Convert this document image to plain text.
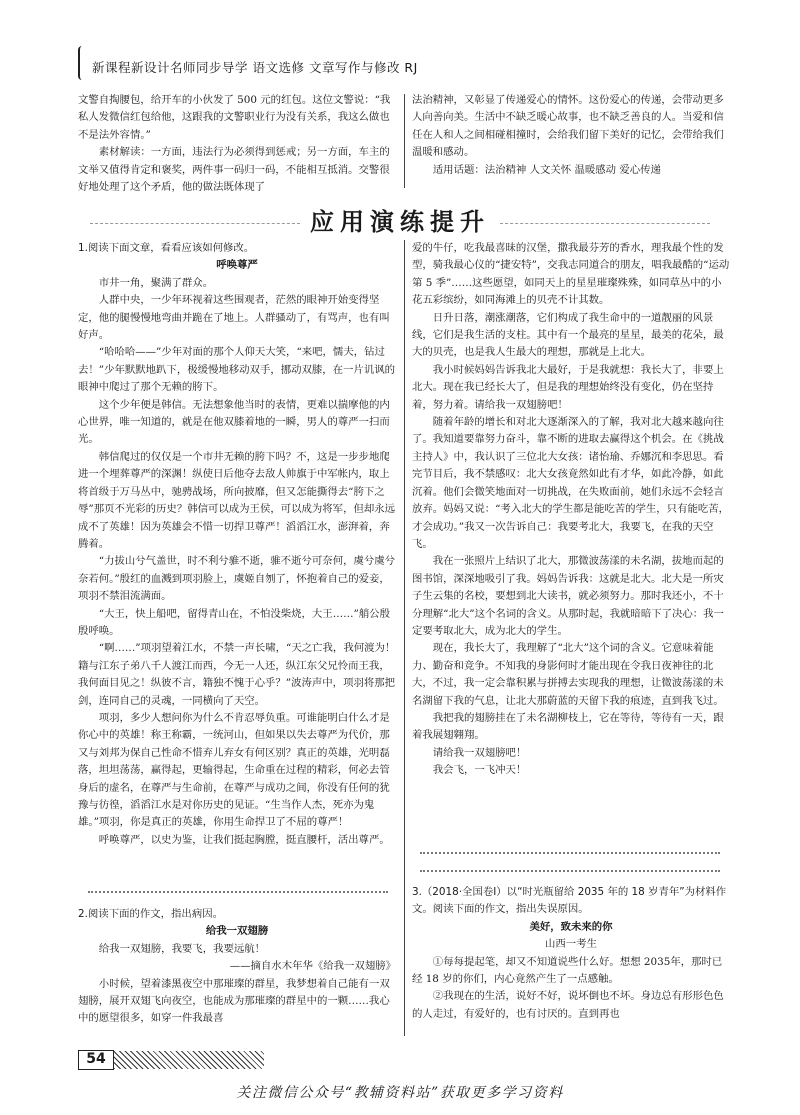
新课程新设计名师同步导学 语文选修 文章写作与修改 RJ

文警自掏腰包，给开车的小伙发了 500 元的红包。这位文警说：“我私人发微信红包给他，这跟我的文警职业行为没有关系，我这么做也不是法外容情。”

素材解读：一方面，违法行为必须得到惩戒；另一方面，车主的文举又值得肯定和褒奖，两件事一码归一码，不能相互抵消。交警很好地处理了这个矛盾，他的做法既体现了

法治精神，又彰显了传递爱心的情怀。这份爱心的传递，会带动更多人向善向美。生活中不缺乏暖心故事，也不缺乏善良的人。当爱和信任在人和人之间相碰相撞时，会给我们留下美好的记忆，会带给我们温暖和感动。

适用话题：法治精神 人文关怀 温暖感动 爱心传递

应用演练提升

1.阅读下面文章，看看应该如何修改。

呼唤尊严

市井一角，聚满了群众。

人群中央，一少年环视着这些围观者，茫然的眼神开始变得坚定，他的腿慢慢地弯曲并跪在了地上。人群骚动了，有骂声，也有叫好声。

“哈哈哈——”少年对面的那个人仰天大笑，“来吧，懦夫，钻过去！”少年默默地趴下，极缓慢地移动双手，挪动双膝，在一片讥讽的眼神中爬过了那个无赖的胯下。

这个少年便是韩信。无法想象他当时的表情，更难以揣摩他的内心世界，唯一知道的，就是在他双膝着地的一瞬，男人的尊严一扫而光。

韩信爬过的仅仅是一个市井无赖的胯下吗？不，这是一步步地爬进一个埋葬尊严的深渊！纵使日后他夺去敌人帅旗于中军帐内，取上将首级于万马丛中，驰骋战场，所向披靡，但又怎能撕得去“胯下之辱”那页不光彩的历史？韩信可以成为王侯，可以成为将军，但却永远成不了英雄！因为英雄会不惜一切捍卫尊严！滔滔江水，澎湃着，奔腾着。

“力拔山兮气盖世，时不利兮骓不逝，骓不逝兮可奈何，虞兮虞兮奈若何。”殷红的血溅到项羽脸上，虞姬自刎了，怀抱着自己的爱妾，项羽不禁泪流满面。

“大王，快上船吧，留得青山在，不怕没柴烧，大王……”艄公殷殷呼唤。

“啊……”项羽望着江水，不禁一声长啸，“天之亡我，我何渡为！籍与江东子弟八千人渡江而西，今无一人还，纵江东父兄怜而王我，我何面目见之！纵彼不言，籍独不愧于心乎？”波涛声中，项羽将那把剑，连同自己的灵魂，一同横向了天空。

项羽，多少人想问你为什么不肯忍辱负重。可谁能明白什么才是你心中的英雄！称王称霸，一统河山，但如果以失去尊严为代价，那又与刘邦为保自己性命不惜弃儿弃女有何区别？真正的英雄，光明磊落，坦坦荡荡，赢得起，更输得起，生命重在过程的精彩，何必去管身后的虚名，在尊严与生命前，在尊严与成功之间，你没有任何的犹豫与彷徨，滔滔江水是对你历史的见证。“生当作人杰，死亦为鬼雄。”项羽，你是真正的英雄，你用生命捍卫了不屈的尊严！

呼唤尊严，以史为鉴，让我们挺起胸膛，挺直腰杆，活出尊严。

2.阅读下面的作文，指出病因。

给我一双翅膀

给我一双翅膀，我要飞，我要远航！

——摘自水木年华《给我一双翅膀》

小时候，望着漆黑夜空中那璀璨的群星，我梦想着自己能有一双翅膀，展开双翅飞向夜空，也能成为那璀璨的群星中的一颗……我心中的愿望很多，如穿一件我最喜

爱的牛仔，吃我最喜昧的汉堡，撒我最芬芳的香水，理我最个性的发型，骑我最心仪的“捷安特”，交我志同道合的朋友，唱我最酷的“运动第 5 季”……这些愿望，如同天上的星星璀璨殊殊，如同草丛中的小花五彩缤纷，如同海滩上的贝壳不计其数。

日升日落，潮涨潮落，它们构成了我生命中的一道靓丽的风景线，它们是我生活的支柱。其中有一个最亮的星星，最美的花朵，最大的贝壳，也是我人生最大的理想，那就是上北大。

我小时候妈妈告诉我北大最好，于是我就想：我长大了，非要上北大。现在我已经长大了，但是我的理想始终没有变化，仍在坚持着，努力着。请给我一双翅膀吧！

随着年龄的增长和对北大逐渐深入的了解，我对北大越来越向往了。我知道要靠努力奋斗，靠不断的进取去赢得这个机会。在《挑战主持人》中，我认识了三位北大女孩：诸怡瑜、乔娜沉和李思思。看完节目后，我不禁感叹：北大女孩竟然如此有才华，如此冷静，如此沉着。他们会微笑地面对一切挑战，在失败面前，她们永远不会轻言放弃。妈妈又说：“考入北大的学生都是能吃苦的学生，只有能吃苦，才会成功。”我又一次告诉自己：我要考北大，我要飞，在我的天空飞。

我在一张照片上结识了北大，那微波荡漾的未名湖，拔地而起的图书馆，深深地吸引了我。妈妈告诉我：这就是北大。北大是一所灾子生云集的名校，要想到北大读书，就必须努力。那时我还小，不十分理解“北大”这个名词的含义。从那时起，我就暗暗下了决心：我一定要考取北大，成为北大的学生。

现在，我长大了，我理解了“北大”这个词的含义。它意味着能力、勤奋和竞争。不知我的身影何时才能出现在令我日夜神往的北大，不过，我一定会靠积累与拼搏去实现我的理想，让微波荡漾的未名湖留下我的气息，让北大那蔚蓝的天留下我的痕迹，直到我飞过。

我把我的翅膀挂在了未名湖柳枝上，它在等待，等待有一天，跟着我展翅翱翔。

请给我一双翅膀吧！

我会飞，一飞冲天！

3.（2018·全国卷Ⅰ）以“时光瓶留给 2035 年的 18 岁青年”为材料作文。阅读下面的作文，指出失误原因。

美好，致未来的你

山西一考生

①每每提起笔，却又不知道说些什么好。想想 2035年，那时已经 18 岁的你们，内心竟然产生了一点感触。

②我现在的生活，说好不好，说坏倒也不坏。身边总有形形色色的人走过，有爱好的，也有讨厌的。直到再也

54
关注微信公众号“教辅资料站”获取更多学习资料
